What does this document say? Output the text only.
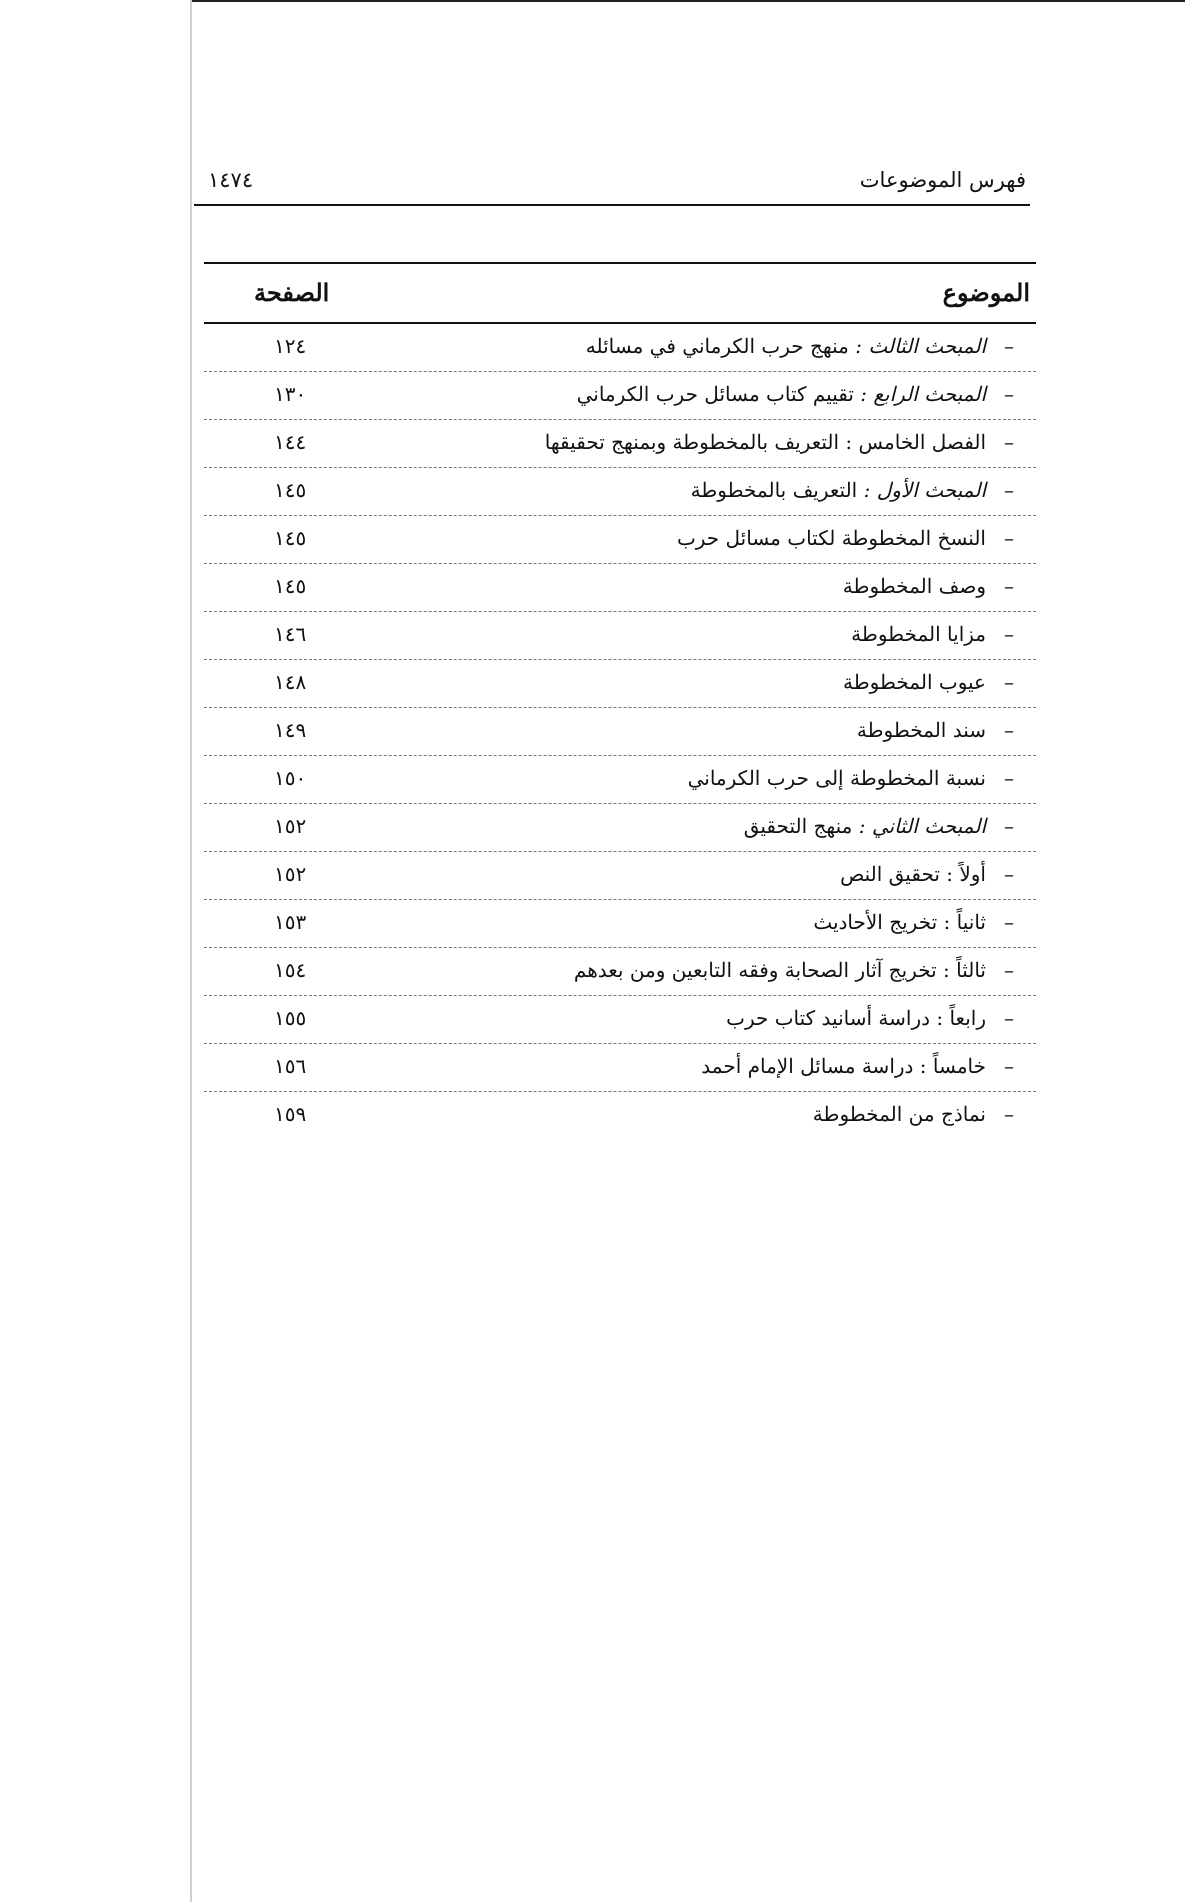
فهرس الموضوعات
١٤٧٤
الموضوع
الصفحة
–
المبحث الثالث : منهج حرب الكرماني في مسائله
١٢٤
–
المبحث الرابع : تقييم كتاب مسائل حرب الكرماني
١٣٠
–
الفصل الخامس : التعريف بالمخطوطة وبمنهج تحقيقها
١٤٤
–
المبحث الأول : التعريف بالمخطوطة
١٤٥
–
النسخ المخطوطة لكتاب مسائل حرب
١٤٥
–
وصف المخطوطة
١٤٥
–
مزايا المخطوطة
١٤٦
–
عيوب المخطوطة
١٤٨
–
سند المخطوطة
١٤٩
–
نسبة المخطوطة إلى حرب الكرماني
١٥٠
–
المبحث الثاني : منهج التحقيق
١٥٢
–
أولاً : تحقيق النص
١٥٢
–
ثانياً : تخريج الأحاديث
١٥٣
–
ثالثاً : تخريج آثار الصحابة وفقه التابعين ومن بعدهم
١٥٤
–
رابعاً : دراسة أسانيد كتاب حرب
١٥٥
–
خامساً : دراسة مسائل الإمام أحمد
١٥٦
–
نماذج من المخطوطة
١٥٩
